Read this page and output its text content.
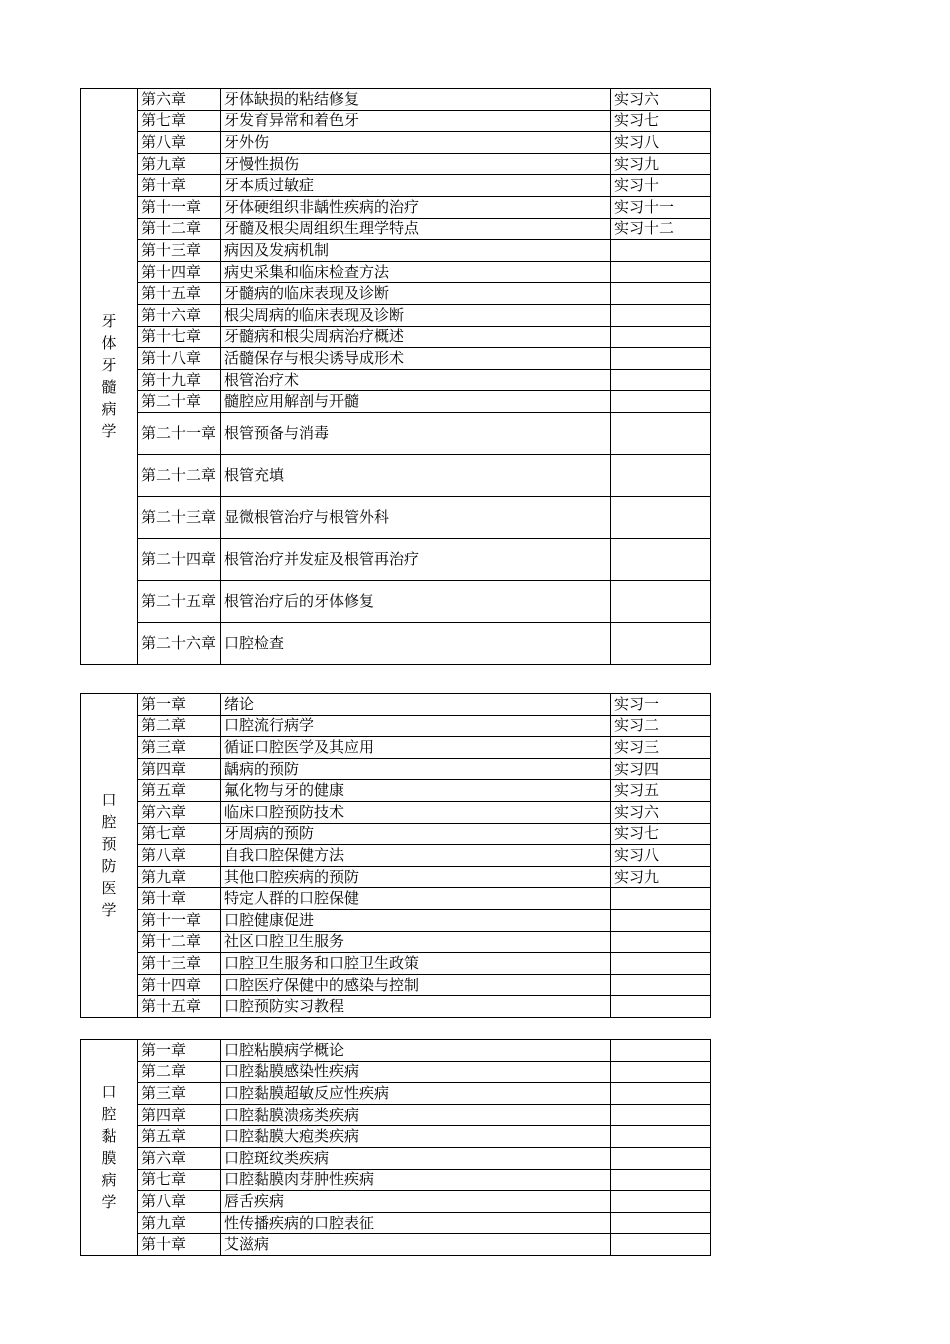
牙体牙髓病学	第六章	牙体缺损的粘结修复	实习六
	第七章	牙发育异常和着色牙	实习七
	第八章	牙外伤	实习八
	第九章	牙慢性损伤	实习九
	第十章	牙本质过敏症	实习十
	第十一章	牙体硬组织非龋性疾病的治疗	实习十一
	第十二章	牙髓及根尖周组织生理学特点	实习十二
	第十三章	病因及发病机制	
	第十四章	病史采集和临床检查方法	
	第十五章	牙髓病的临床表现及诊断	
	第十六章	根尖周病的临床表现及诊断	
	第十七章	牙髓病和根尖周病治疗概述	
	第十八章	活髓保存与根尖诱导成形术	
	第十九章	根管治疗术	
	第二十章	髓腔应用解剖与开髓	
	第二十一章	根管预备与消毒	
	第二十二章	根管充填	
	第二十三章	显微根管治疗与根管外科	
	第二十四章	根管治疗并发症及根管再治疗	
	第二十五章	根管治疗后的牙体修复	
	第二十六章	口腔检查	
口腔预防医学	第一章	绪论	实习一
	第二章	口腔流行病学	实习二
	第三章	循证口腔医学及其应用	实习三
	第四章	龋病的预防	实习四
	第五章	氟化物与牙的健康	实习五
	第六章	临床口腔预防技术	实习六
	第七章	牙周病的预防	实习七
	第八章	自我口腔保健方法	实习八
	第九章	其他口腔疾病的预防	实习九
	第十章	特定人群的口腔保健	
	第十一章	口腔健康促进	
	第十二章	社区口腔卫生服务	
	第十三章	口腔卫生服务和口腔卫生政策	
	第十四章	口腔医疗保健中的感染与控制	
	第十五章	口腔预防实习教程	
口腔黏膜病学	第一章	口腔粘膜病学概论	
	第二章	口腔黏膜感染性疾病	
	第三章	口腔黏膜超敏反应性疾病	
	第四章	口腔黏膜溃疡类疾病	
	第五章	口腔黏膜大疱类疾病	
	第六章	口腔斑纹类疾病	
	第七章	口腔黏膜肉芽肿性疾病	
	第八章	唇舌疾病	
	第九章	性传播疾病的口腔表征	
	第十章	艾滋病	
